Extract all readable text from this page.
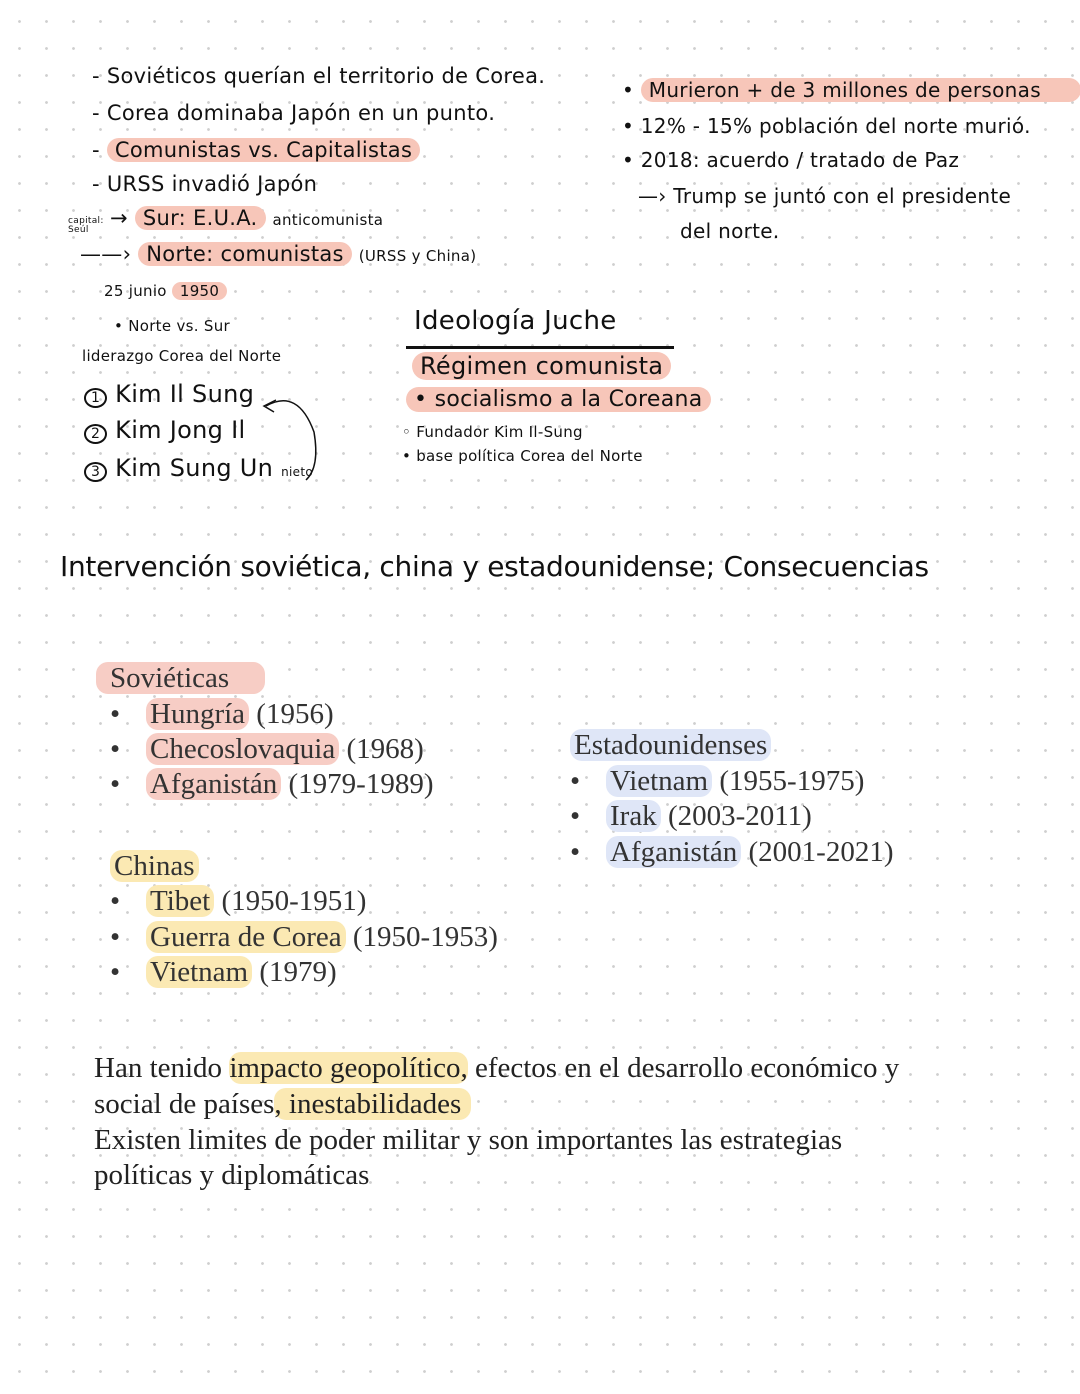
- Soviéticos querían el territorio de Corea.
- Corea dominaba Japón en un punto.
- Comunistas vs. Capitalistas
- URSS invadió Japón
capital: Seúl	→ Sur: E.U.A. anticomunista
——› Norte: comunistas (URSS y China)
25 junio 1950
• Norte vs. Sur
liderazgo Corea del Norte
1 Kim Il Sung
2 Kim Jong Il
3 Kim Sung Un nieto
Ideología Juche
Régimen comunista
• socialismo a la Coreana
◦ Fundador Kim Il-Sung
• base política Corea del Norte
• Murieron + de 3 millones de personas
• 12% - 15% población del norte murió.
• 2018: acuerdo / tratado de Paz
—› Trump se juntó con el presidente
del norte.
Intervención soviética, china y estadounidense; Consecuencias
Soviéticas
• Hungría (1956)
• Checoslovaquia (1968)
• Afganistán (1979-1989)
Chinas
• Tibet (1950-1951)
• Guerra de Corea (1950-1953)
• Vietnam (1979)
Estadounidenses
• Vietnam (1955-1975)
• Irak (2003-2011)
• Afganistán (2001-2021)
Han tenido impacto geopolítico, efectos en el desarrollo económico y
social de países, inestabilidades
Existen limites de poder militar y son importantes las estrategias
políticas y diplomáticas
